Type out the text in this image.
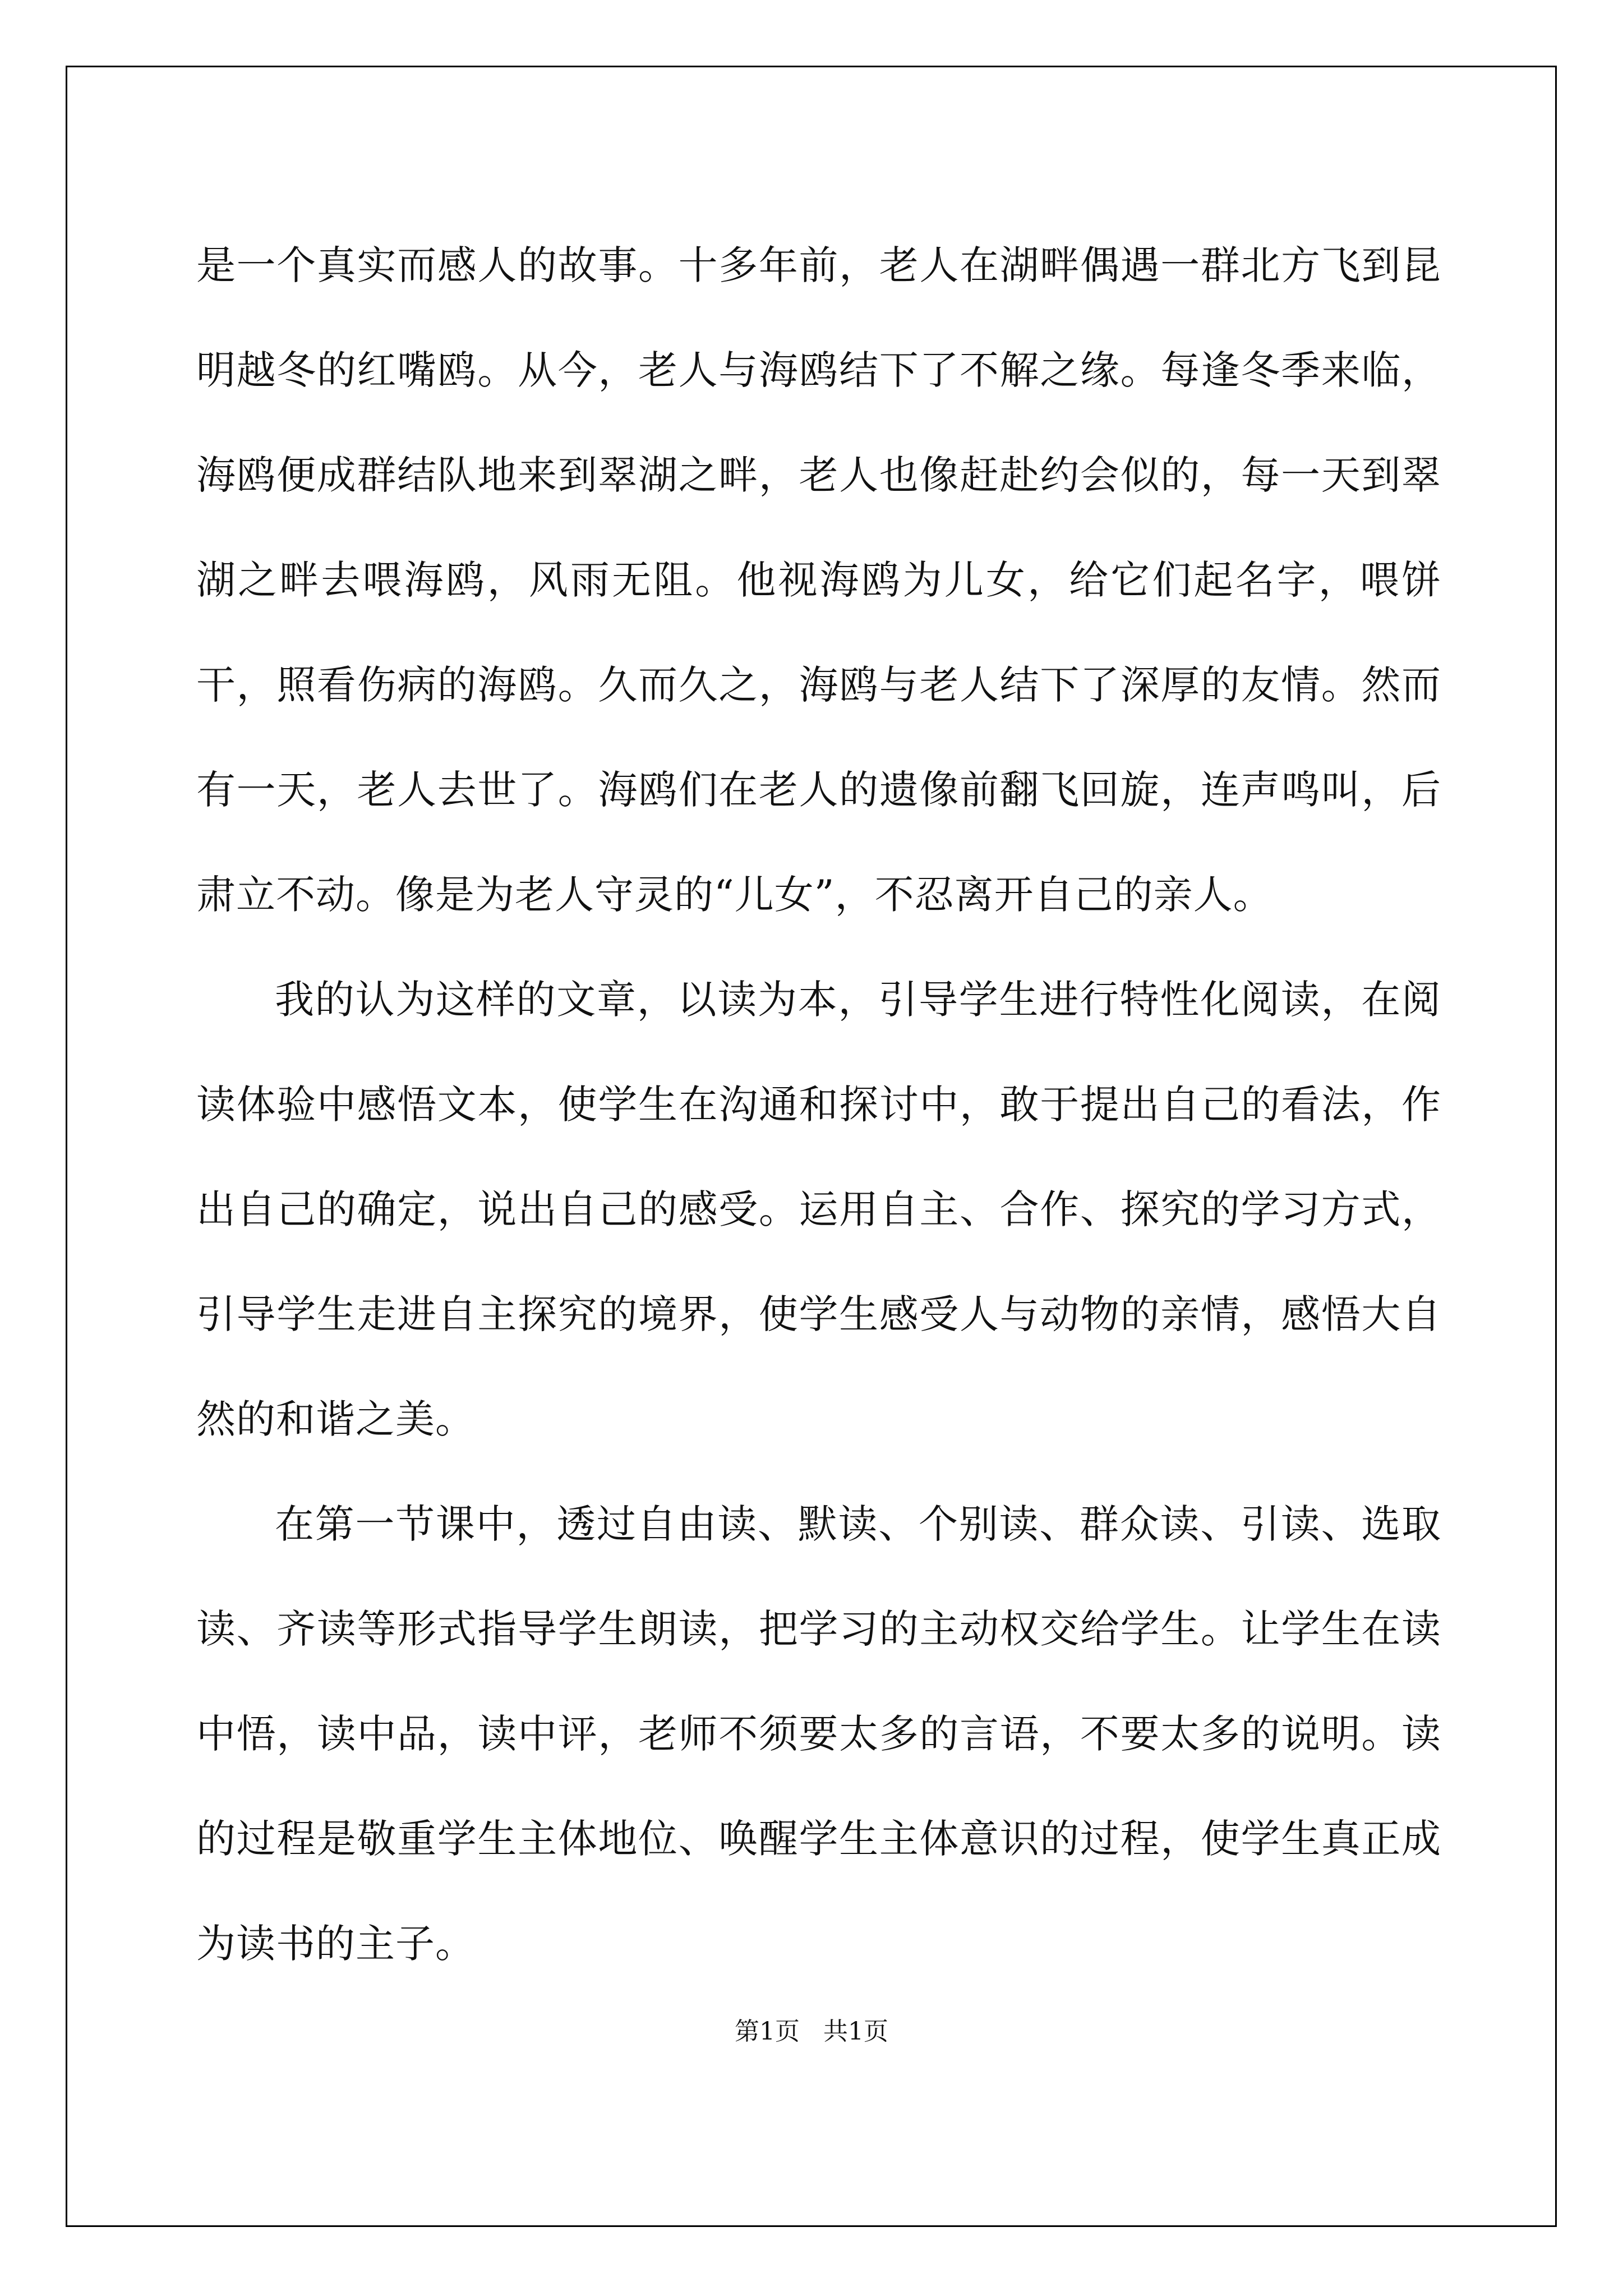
是一个真实而感人的故事。十多年前，老人在湖畔偶遇一群北方飞到昆明越冬的红嘴鸥。从今，老人与海鸥结下了不解之缘。每逢冬季来临，海鸥便成群结队地来到翠湖之畔，老人也像赶赴约会似的，每一天到翠湖之畔去喂海鸥，风雨无阻。他视海鸥为儿女，给它们起名字，喂饼干，照看伤病的海鸥。久而久之，海鸥与老人结下了深厚的友情。然而有一天，老人去世了。海鸥们在老人的遗像前翻飞回旋，连声鸣叫，后肃立不动。像是为老人守灵的“儿女”，不忍离开自己的亲人。

我的认为这样的文章，以读为本，引导学生进行特性化阅读，在阅读体验中感悟文本，使学生在沟通和探讨中，敢于提出自己的看法，作出自己的确定，说出自己的感受。运用自主、合作、探究的学习方式，引导学生走进自主探究的境界，使学生感受人与动物的亲情，感悟大自然的和谐之美。

在第一节课中，透过自由读、默读、个别读、群众读、引读、选取读、齐读等形式指导学生朗读，把学习的主动权交给学生。让学生在读中悟，读中品，读中评，老师不须要太多的言语，不要太多的说明。读的过程是敬重学生主体地位、唤醒学生主体意识的过程，使学生真正成为读书的主子。

第1页   共1页
